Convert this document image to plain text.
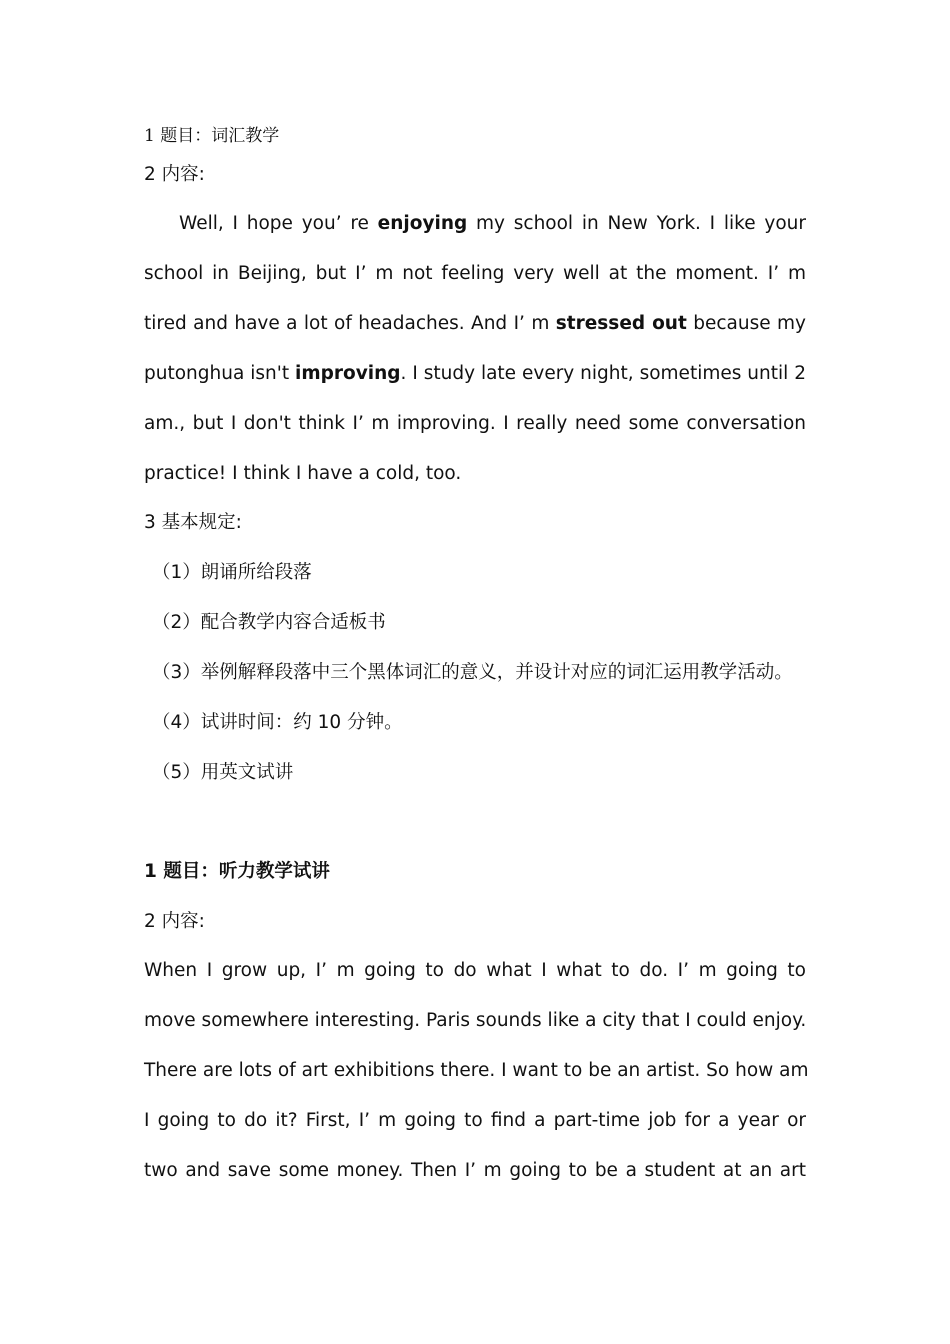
1 题目：词汇教学
2 内容:
Well, I hope you’ re enjoying my school in New York. I like your
school in Beijing, but I’ m not feeling very well at the moment. I’ m
tired and have a lot of headaches. And I’ m stressed out because my
putonghua isn't improving. I study late every night, sometimes until 2
am., but I don't think I’ m improving. I really need some conversation
practice! I think I have a cold, too.
3 基本规定:
（1）朗诵所给段落
（2）配合教学内容合适板书
（3）举例解释段落中三个黑体词汇的意义，并设计对应的词汇运用教学活动。
（4）试讲时间：约 10 分钟。
（5）用英文试讲
1 题目：听力教学试讲
2 内容:
When I grow up, I’ m going to do what I what to do. I’ m going to
move somewhere interesting. Paris sounds like a city that I could enjoy.
There are lots of art exhibitions there. I want to be an artist. So how am
I going to do it? First, I’ m going to find a part-time job for a year or
two and save some money. Then I’ m going to be a student at an art
